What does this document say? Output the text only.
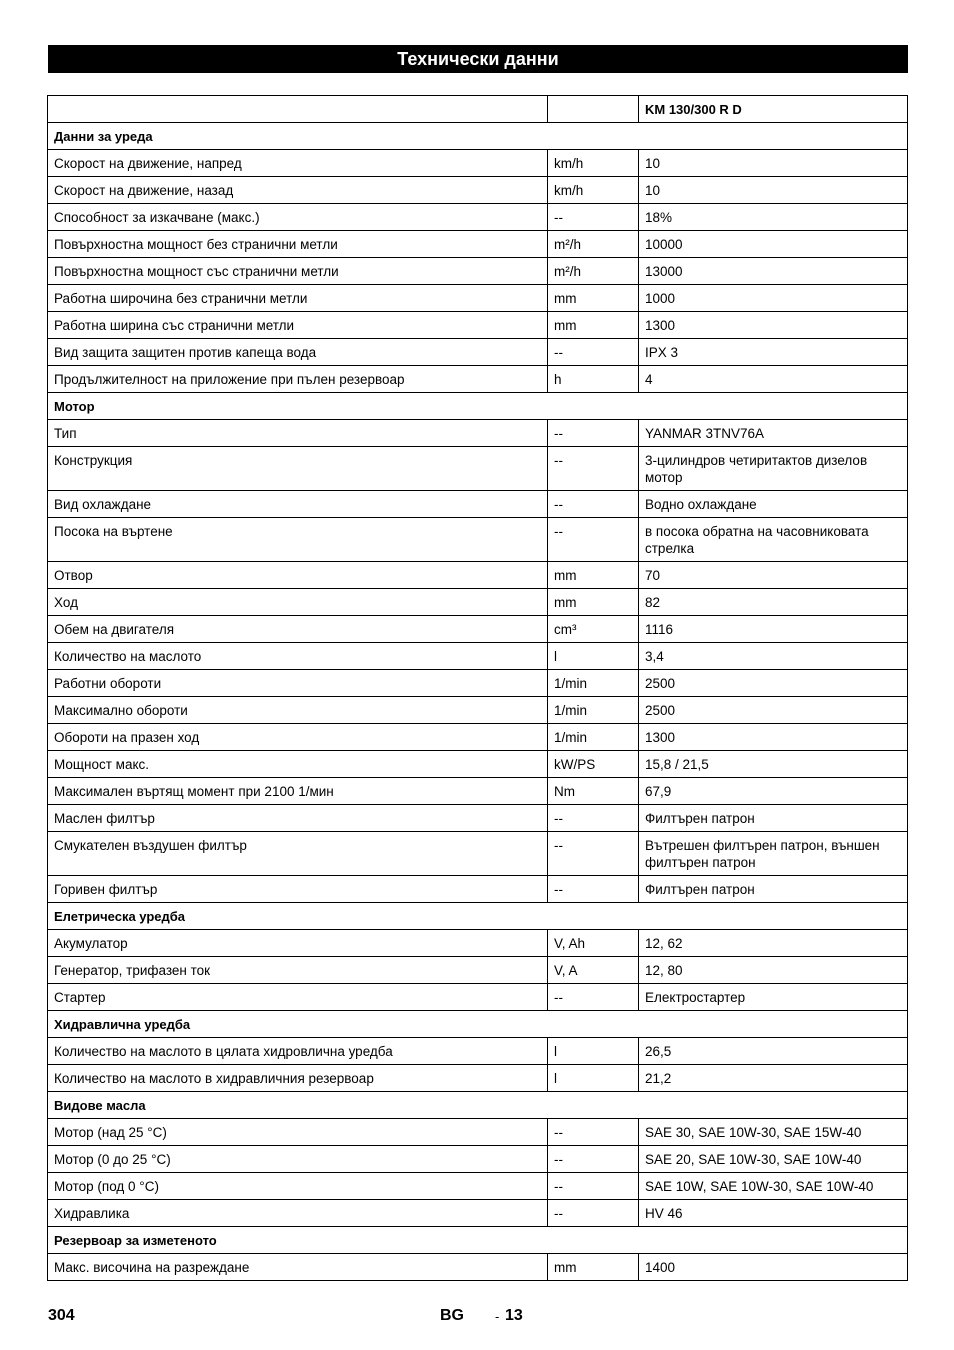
Технически данни
		KM 130/300 R D
Данни за уреда		
Скорост на движение, напред	km/h	10
Скорост на движение, назад	km/h	10
Способност за изкачване (макс.)	--	18%
Повърхностна мощност без странични метли	m²/h	10000
Повърхностна мощност със странични метли	m²/h	13000
Работна широчина без странични метли	mm	1000
Работна ширина със странични метли	mm	1300
Вид защита защитен против капеща вода	--	IPX 3
Продължителност на приложение при пълен резервоар	h	4
Мотор		
Тип	--	YANMAR 3TNV76A
Конструкция	--	3-цилиндров четиритактов дизелов мотор
Вид охлаждане	--	Водно охлаждане
Посока на въртене	--	в посока обратна на часовниковата стрелка
Отвор	mm	70
Ход	mm	82
Обем на двигателя	cm³	1116
Количество на маслото	l	3,4
Работни обороти	1/min	2500
Максимално обороти	1/min	2500
Обороти на празен ход	1/min	1300
Мощност макс.	kW/PS	15,8 / 21,5
Максимален въртящ момент при 2100 1/мин	Nm	67,9
Маслен филтър	--	Филтърен патрон
Смукателен въздушен филтър	--	Вътрешен филтърен патрон, външен филтърен патрон
Горивен филтър	--	Филтърен патрон
Елетрическа уредба		
Акумулатор	V, Ah	12, 62
Генератор, трифазен ток	V, A	12, 80
Стартер	--	Електростартер
Хидравлична уредба		
Количество на маслото в цялата хидровлична уредба	l	26,5
Количество на маслото в хидравличния резервоар	l	21,2
Видове масла		
Мотор (над 25 °C)	--	SAE 30, SAE 10W-30, SAE 15W-40
Мотор (0 до 25 °C)	--	SAE 20, SAE 10W-30, SAE 10W-40
Мотор (под 0 °C)	--	SAE 10W, SAE 10W-30, SAE 10W-40
Хидравлика	--	HV 46
Резервоар за изметеното		
Макс. височина на разреждане	mm	1400
304	BG - 13
